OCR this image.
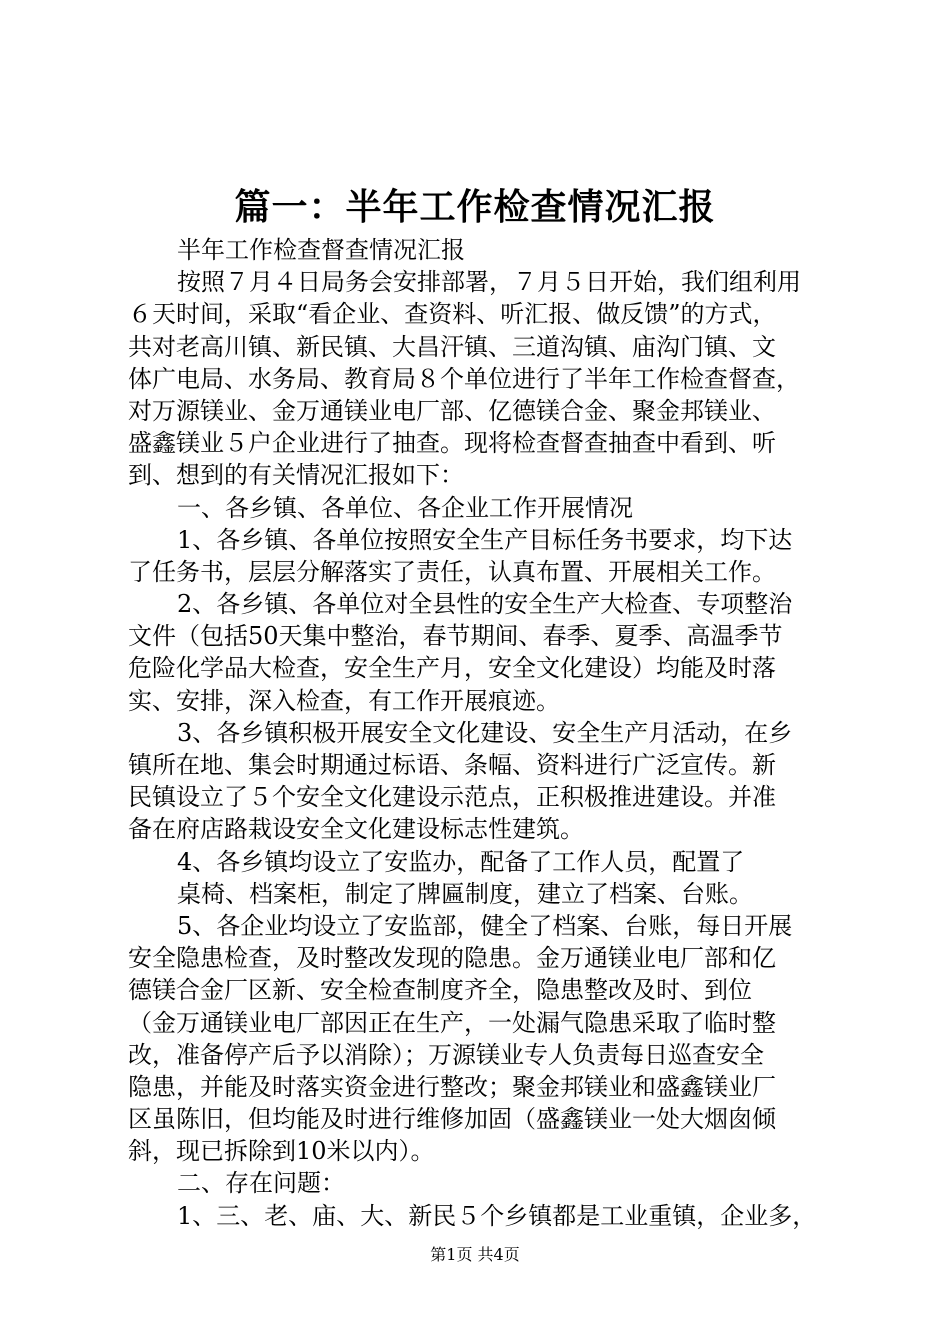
篇一：半年工作检查情况汇报
半年工作检查督查情况汇报
按照７月４日局务会安排部署，７月５日开始，我们组利用
６天时间，采取“看企业、查资料、听汇报、做反馈”的方式，
共对老高川镇、新民镇、大昌汗镇、三道沟镇、庙沟门镇、文
体广电局、水务局、教育局８个单位进行了半年工作检查督查，
对万源镁业、金万通镁业电厂部、亿德镁合金、聚金邦镁业、
盛鑫镁业５户企业进行了抽查。现将检查督查抽查中看到、听
到、想到的有关情况汇报如下：
一、各乡镇、各单位、各企业工作开展情况
1、各乡镇、各单位按照安全生产目标任务书要求，均下达
了任务书，层层分解落实了责任，认真布置、开展相关工作。
2、各乡镇、各单位对全县性的安全生产大检查、专项整治
文件（包括50天集中整治，春节期间、春季、夏季、高温季节
危险化学品大检查，安全生产月，安全文化建设）均能及时落
实、安排，深入检查，有工作开展痕迹。
3、各乡镇积极开展安全文化建设、安全生产月活动，在乡
镇所在地、集会时期通过标语、条幅、资料进行广泛宣传。新
民镇设立了５个安全文化建设示范点，正积极推进建设。并准
备在府店路栽设安全文化建设标志性建筑。
4、各乡镇均设立了安监办，配备了工作人员，配置了
桌椅、档案柜，制定了牌匾制度，建立了档案、台账。
5、各企业均设立了安监部，健全了档案、台账，每日开展
安全隐患检查，及时整改发现的隐患。金万通镁业电厂部和亿
德镁合金厂区新、安全检查制度齐全，隐患整改及时、到位
（金万通镁业电厂部因正在生产，一处漏气隐患采取了临时整
改，准备停产后予以消除）；万源镁业专人负责每日巡查安全
隐患，并能及时落实资金进行整改；聚金邦镁业和盛鑫镁业厂
区虽陈旧，但均能及时进行维修加固（盛鑫镁业一处大烟囱倾
斜，现已拆除到10米以内）。
二、存在问题：
1、三、老、庙、大、新民５个乡镇都是工业重镇，企业多，
第1页 共4页
